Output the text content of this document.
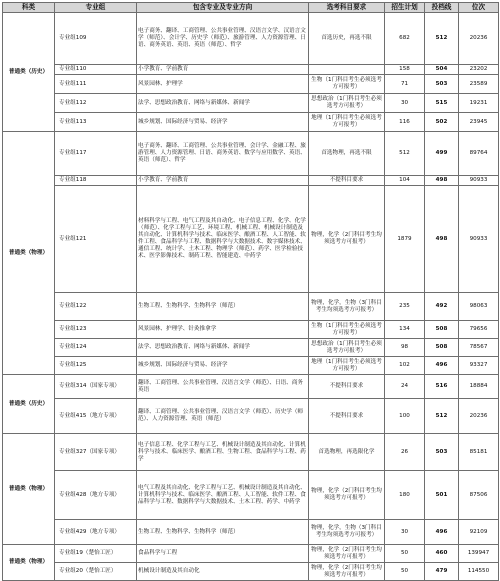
科类	专业组	包含专业及专业方向	选考科目要求	招生计划	投档线	位次
普通类（历史）	专业组109	电子商务、翻译、工商管理、公共事业管理、汉语言文学、汉语言文学（师范）、会计学、历史学（师范）、旅游管理、人力资源管理、日语、商务英语、英语、英语（师范）、哲学	首选历史，再选不限	682	512	20236
	专业组110	小学教育、学前教育		158	504	23202
	专业组111	风景园林、护理学	生物（1门科目考生必须选考方可报考）	71	503	23589
	专业组112	法学、思想政治教育、网络与新媒体、新闻学	思想政治（1门科目考生必须选考方可报考）	30	515	19231
	专业组113	城乡规划、国际经济与贸易、经济学	地理（1门科目考生必须选考方可报考）	116	502	23945
普通类（物理）	专业组117	电子商务、翻译、工商管理、公共事业管理、会计学、金融工程、旅游管理、人力资源管理、日语、商务英语、数学与应用数学、英语、英语（师范）、哲学	首选物理，再选不限	512	499	89764
	专业组118	小学教育、学前教育	不提科目要求	104	498	90933
	专业组121	材料科学与工程、电气工程及其自动化、电子信息工程、化学、化学（师范）、化学工程与工艺、环境工程、机械工程、机械设计制造及其自动化、计算机科学与技术、临床医学、酿酒工程、人工智能、软件工程、食品科学与工程、数据科学与大数据技术、数字媒体技术、通信工程、统计学、土木工程、物理学（师范）、药学、医学检验技术、医学影像技术、制药工程、智能建造、中药学	物理，化学（2门科目考生均须选考方可报考）	1879	498	90933
	专业组122	生物工程、生物科学、生物科学（师范）	物理，化学，生物（3门科目考生均须选考方可报考）	235	492	98063
	专业组123	风景园林、护理学、针灸推拿学	生物（1门科目考生必须选考方可报考）	134	508	79656
	专业组124	法学、思想政治教育、网络与新媒体、新闻学	思想政治（1门科目考生必须选考方可报考）	98	508	78567
	专业组125	城乡规划、国际经济与贸易、经济学	地理（1门科目考生必须选考方可报考）	102	496	93327
普通类（历史）	专业组314（国家专项）	翻译、工商管理、公共事业管理、汉语言文学（师范）、日语、商务英语	不提科目要求	24	516	18884
	专业组415（地方专项）	翻译、工商管理、公共事业管理、汉语言文学（师范）、历史学（师范）、人力资源管理、英语（师范）	不提科目要求	100	512	20236
普通类（物理）	专业组327（国家专项）	电子信息工程、化学工程与工艺、机械设计制造及其自动化、计算机科学与技术、临床医学、酿酒工程、生物工程、食品科学与工程、药学	首选物理，再选限化学	26	503	85181
	专业组428（地方专项）	电气工程及其自动化、化学工程与工艺、机械设计制造及其自动化、计算机科学与技术、临床医学、酿酒工程、人工智能、软件工程、食品科学与工程、数据科学与大数据技术、土木工程、药学、中药学	物理，化学（2门科目考生均须选考方可报考）	180	501	87506
	专业组429（地方专项）	生物工程、生物科学、生物科学（师范）	物理，化学，生物（3门科目考生均须选考方可报考）	30	496	92109
普通类（物理）	专业组19（楚怡工匠）	食品科学与工程	物理，化学（2门科目考生均须选考方可报考）	50	460	139947
	专业组20（楚怡工匠）	机械设计制造及其自动化	物理，化学（2门科目考生均须选考方可报考）	50	479	114550
